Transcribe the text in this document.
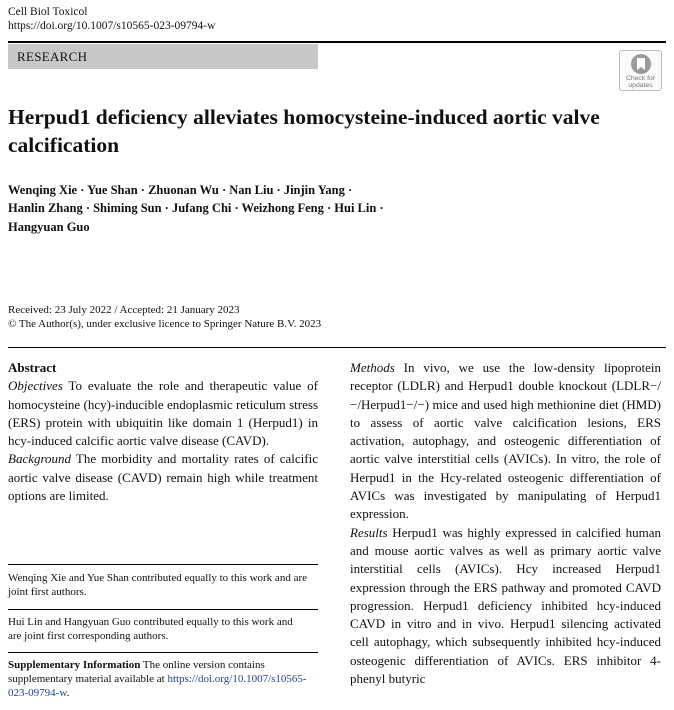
Cell Biol Toxicol
https://doi.org/10.1007/s10565-023-09794-w
RESEARCH
Check for
updates
Herpud1 deficiency alleviates homocysteine-induced aortic valve calcification
Wenqing Xie · Yue Shan · Zhuonan Wu · Nan Liu · Jinjin Yang ·
Hanlin Zhang · Shiming Sun · Jufang Chi · Weizhong Feng · Hui Lin ·
Hangyuan Guo
Received: 23 July 2022 / Accepted: 21 January 2023
© The Author(s), under exclusive licence to Springer Nature B.V. 2023

Abstract

Objectives To evaluate the role and therapeutic value of homocysteine (hcy)-inducible endoplasmic reticulum stress (ERS) protein with ubiquitin like domain 1 (Herpud1) in hcy-induced calcific aortic valve disease (CAVD).

Background The morbidity and mortality rates of calcific aortic valve disease (CAVD) remain high while treatment options are limited.

Methods In vivo, we use the low-density lipoprotein receptor (LDLR) and Herpud1 double knockout (LDLR−/−/Herpud1−/−) mice and used high methionine diet (HMD) to assess of aortic valve calcification lesions, ERS activation, autophagy, and osteogenic differentiation of aortic valve interstitial cells (AVICs). In vitro, the role of Herpud1 in the Hcy-related osteogenic differentiation of AVICs was investigated by manipulating of Herpud1 expression.

Results Herpud1 was highly expressed in calcified human and mouse aortic valves as well as primary aortic valve interstitial cells (AVICs). Hcy increased Herpud1 expression through the ERS pathway and promoted CAVD progression. Herpud1 deficiency inhibited hcy-induced CAVD in vitro and in vivo. Herpud1 silencing activated cell autophagy, which subsequently inhibited hcy-induced osteogenic differentiation of AVICs. ERS inhibitor 4-phenyl butyric

Wenqing Xie and Yue Shan contributed equally to this work and are joint first authors.
Hui Lin and Hangyuan Guo contributed equally to this work and are joint first corresponding authors.
Supplementary Information The online version contains supplementary material available at https://doi.org/10.1007/s10565-023-09794-w.
